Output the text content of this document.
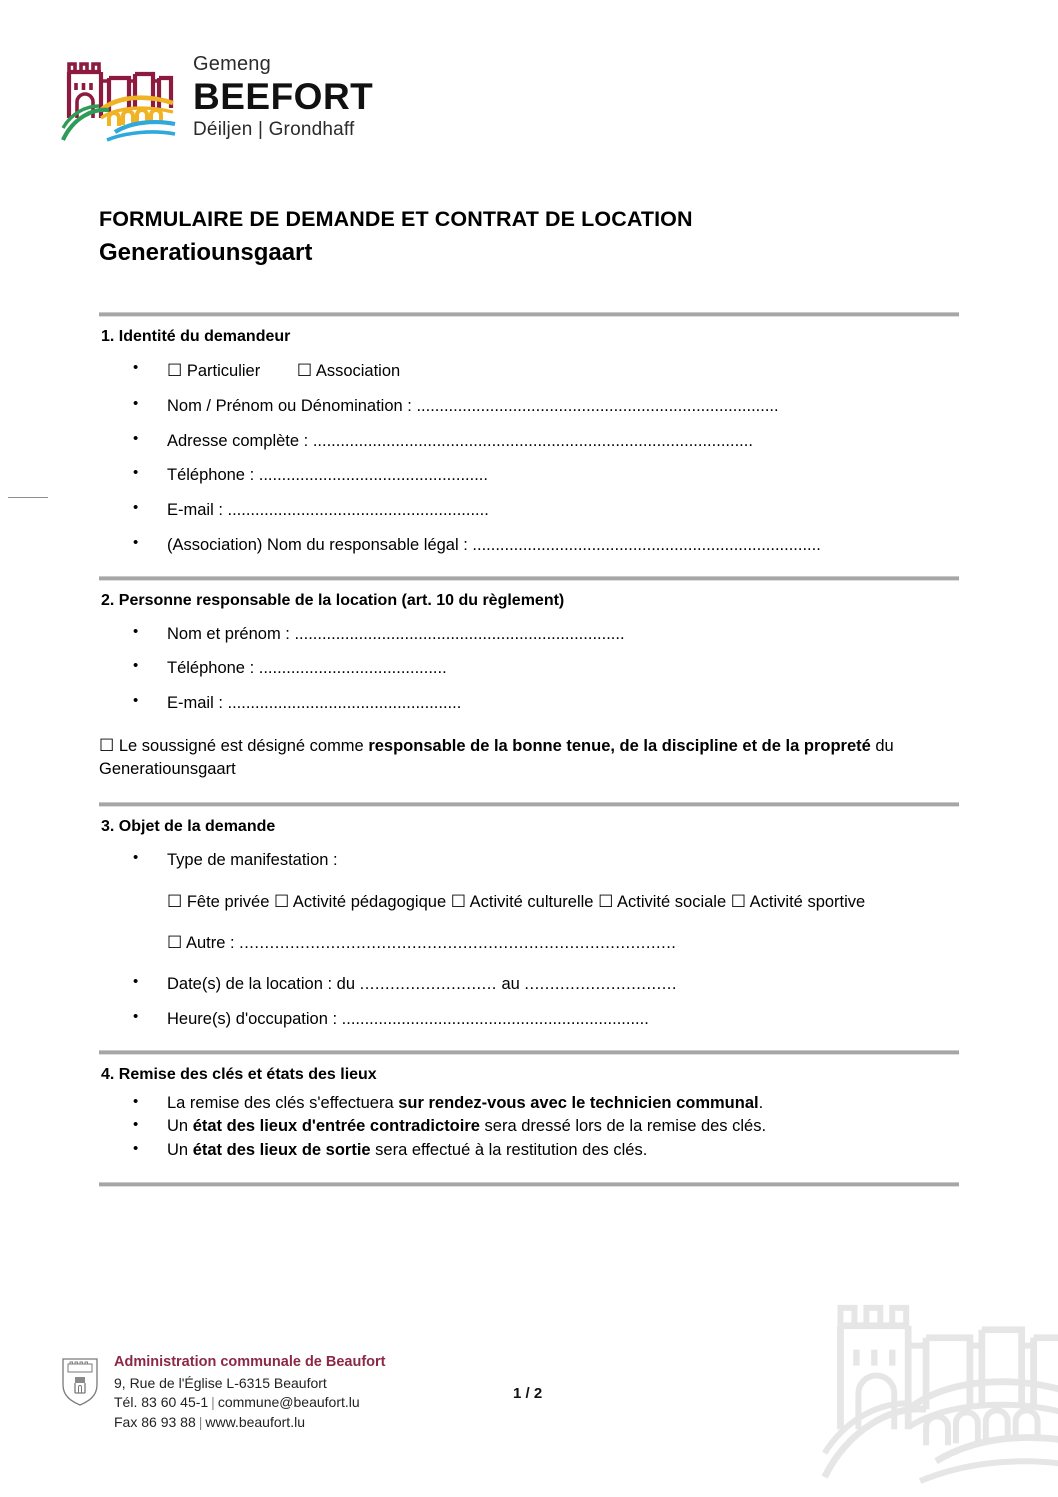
Gemeng
BEEFORT
Déiljen | Grondhaff
FORMULAIRE DE DEMANDE ET CONTRAT DE LOCATION
Generatiounsgaart
1. Identité du demandeur
• ☐ Particulier ☐ Association
• Nom / Prénom ou Dénomination : ...............................................................................
• Adresse complète : ................................................................................................
• Téléphone : ..................................................
• E-mail : .........................................................
• (Association) Nom du responsable légal : ............................................................................
2. Personne responsable de la location (art. 10 du règlement)
• Nom et prénom : ........................................................................
• Téléphone : .........................................
• E-mail : ...................................................

☐ Le soussigné est désigné comme responsable de la bonne tenue, de la discipline et de la propreté du Generatiounsgaart

3. Objet de la demande
• Type de manifestation :
☐ Fête privée ☐ Activité pédagogique ☐ Activité culturelle ☐ Activité sociale ☐ Activité sportive
☐ Autre : ......................................................................................
• Date(s) de la location : du ........................... au ..............................
• Heure(s) d'occupation : ...................................................................
4. Remise des clés et états des lieux
• La remise des clés s'effectuera sur rendez-vous avec le technicien communal.
• Un état des lieux d'entrée contradictoire sera dressé lors de la remise des clés.
• Un état des lieux de sortie sera effectué à la restitution des clés.
Administration communale de Beaufort
9, Rue de l'Église L-6315 Beaufort
Tél. 83 60 45-1 | commune@beaufort.lu
Fax 86 93 88 | www.beaufort.lu
1 / 2
